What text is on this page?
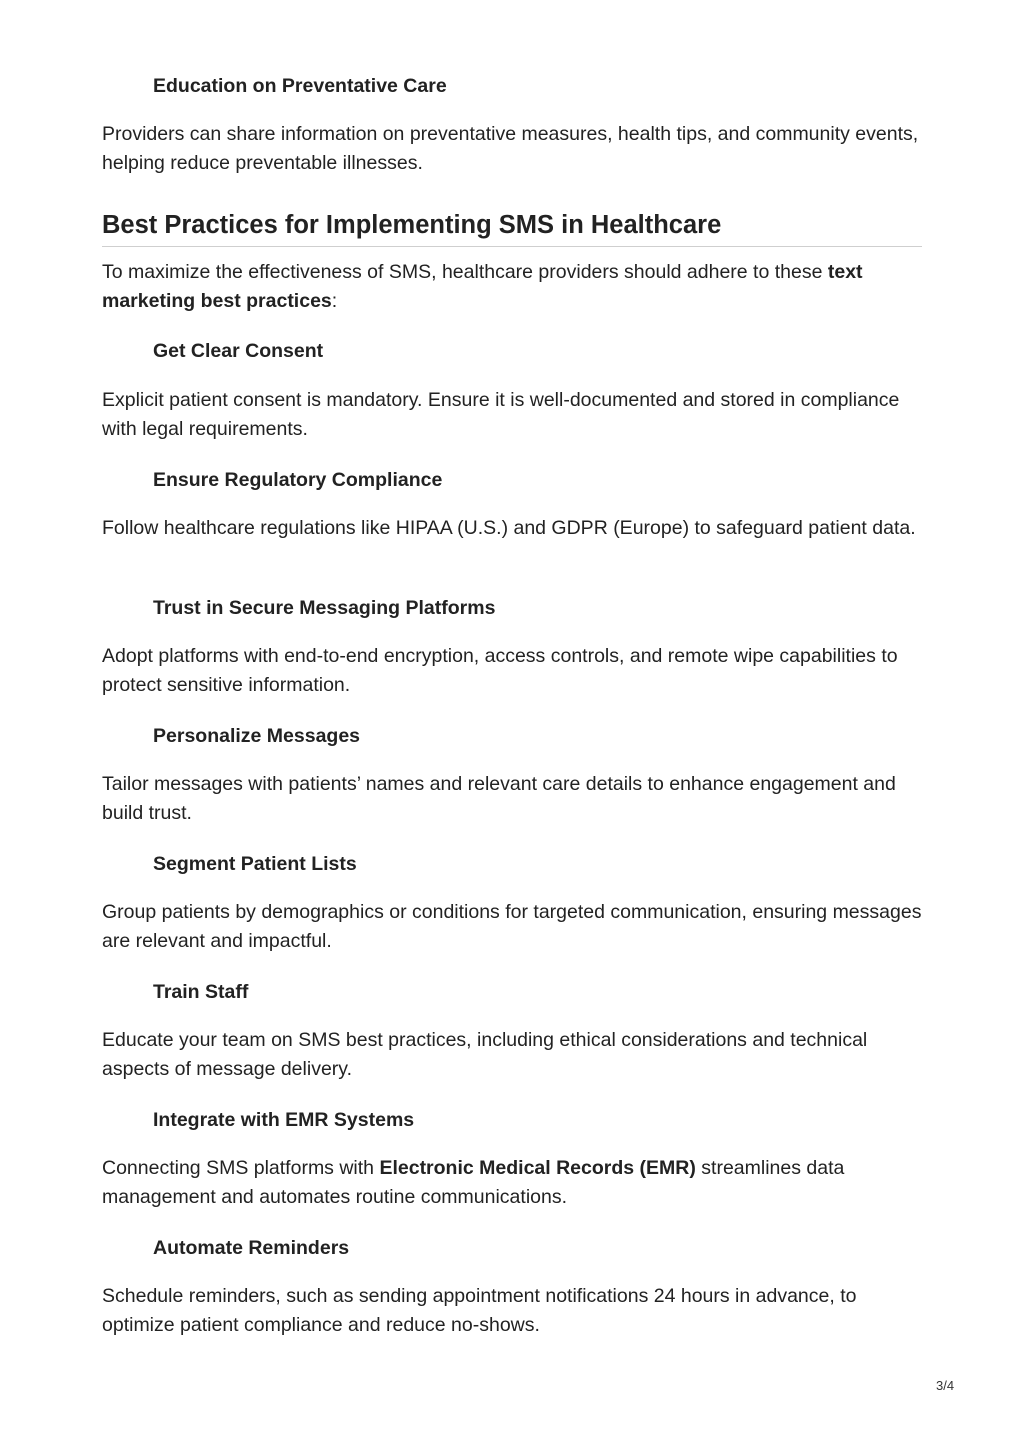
Education on Preventative Care

Providers can share information on preventative measures, health tips, and community events, helping reduce preventable illnesses.

Best Practices for Implementing SMS in Healthcare

To maximize the effectiveness of SMS, healthcare providers should adhere to these text marketing best practices:

Get Clear Consent

Explicit patient consent is mandatory. Ensure it is well-documented and stored in compliance with legal requirements.

Ensure Regulatory Compliance

Follow healthcare regulations like HIPAA (U.S.) and GDPR (Europe) to safeguard patient data.

Trust in Secure Messaging Platforms

Adopt platforms with end-to-end encryption, access controls, and remote wipe capabilities to protect sensitive information.

Personalize Messages

Tailor messages with patients’ names and relevant care details to enhance engagement and build trust.

Segment Patient Lists

Group patients by demographics or conditions for targeted communication, ensuring messages are relevant and impactful.

Train Staff

Educate your team on SMS best practices, including ethical considerations and technical aspects of message delivery.

Integrate with EMR Systems

Connecting SMS platforms with Electronic Medical Records (EMR) streamlines data management and automates routine communications.

Automate Reminders

Schedule reminders, such as sending appointment notifications 24 hours in advance, to optimize patient compliance and reduce no-shows.

3/4
